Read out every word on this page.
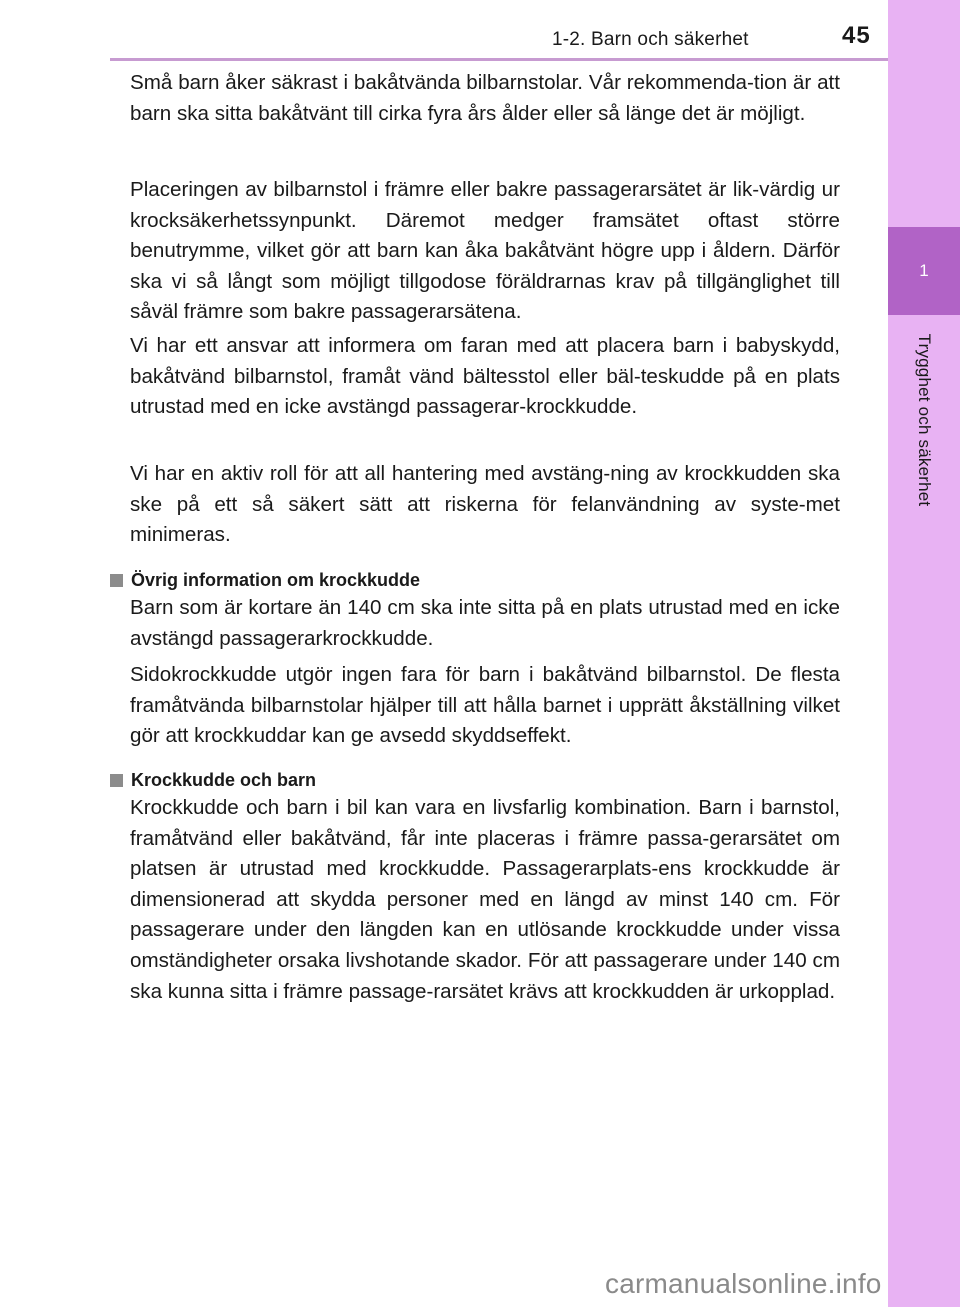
1-2. Barn och säkerhet	45
1
Trygghet och säkerhet

Små barn åker säkrast i bakåtvända bilbarnstolar. Vår rekommenda-tion är att barn ska sitta bakåtvänt till cirka fyra års ålder eller så länge det är möjligt.

Placeringen av bilbarnstol i främre eller bakre passagerarsätet är lik-värdig ur krocksäkerhetssynpunkt. Däremot medger framsätet oftast större benutrymme, vilket gör att barn kan åka bakåtvänt högre upp i åldern. Därför ska vi så långt som möjligt tillgodose föräldrarnas krav på tillgänglighet till såväl främre som bakre passagerarsätena.

Vi har ett ansvar att informera om faran med att placera barn i babyskydd, bakåtvänd bilbarnstol, framåt vänd bältesstol eller bäl-teskudde på en plats utrustad med en icke avstängd passagerar-krockkudde.

Vi har en aktiv roll för att all hantering med avstäng-ning av krockkudden ska ske på ett så säkert sätt att riskerna för felanvändning av syste-met minimeras.

Övrig information om krockkudde

Barn som är kortare än 140 cm ska inte sitta på en plats utrustad med en icke avstängd passagerarkrockkudde.

Sidokrockkudde utgör ingen fara för barn i bakåtvänd bilbarnstol. De flesta framåtvända bilbarnstolar hjälper till att hålla barnet i upprätt åkställning vilket gör att krockkuddar kan ge avsedd skyddseffekt.

Krockkudde och barn

Krockkudde och barn i bil kan vara en livsfarlig kombination. Barn i barnstol, framåtvänd eller bakåtvänd, får inte placeras i främre passa-gerarsätet om platsen är utrustad med krockkudde. Passagerarplats-ens krockkudde är dimensionerad att skydda personer med en längd av minst 140 cm. För passagerare under den längden kan en utlösande krockkudde under vissa omständigheter orsaka livshotande skador. För att passagerare under 140 cm ska kunna sitta i främre passage-rarsätet krävs att krockkudden är urkopplad.

carmanualsonline.info
